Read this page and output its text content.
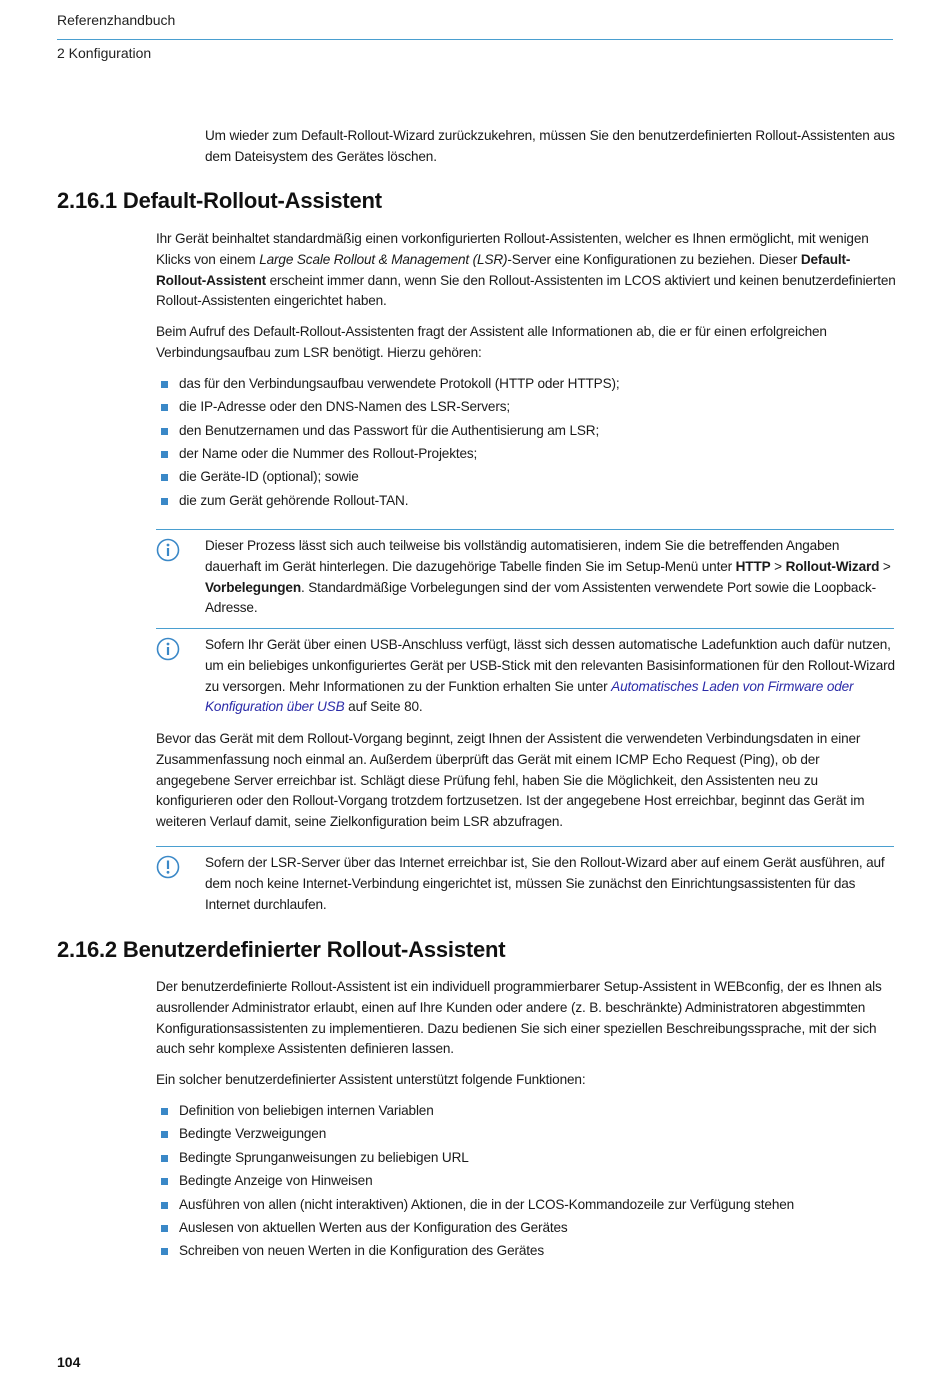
Referenzhandbuch
2 Konfiguration

Um wieder zum Default-Rollout-Wizard zurückzukehren, müssen Sie den benutzerdefinierten Rollout-Assistenten aus dem Dateisystem des Gerätes löschen.

2.16.1 Default-Rollout-Assistent

Ihr Gerät beinhaltet standardmäßig einen vorkonfigurierten Rollout-Assistenten, welcher es Ihnen ermöglicht, mit wenigen Klicks von einem Large Scale Rollout & Management (LSR)-Server eine Konfigurationen zu beziehen. Dieser Default-Rollout-Assistent erscheint immer dann, wenn Sie den Rollout-Assistenten im LCOS aktiviert und keinen benutzerdefinierten Rollout-Assistenten eingerichtet haben.

Beim Aufruf des Default-Rollout-Assistenten fragt der Assistent alle Informationen ab, die er für einen erfolgreichen Verbindungsaufbau zum LSR benötigt. Hierzu gehören:

das für den Verbindungsaufbau verwendete Protokoll (HTTP oder HTTPS);
die IP-Adresse oder den DNS-Namen des LSR-Servers;
den Benutzernamen und das Passwort für die Authentisierung am LSR;
der Name oder die Nummer des Rollout-Projektes;
die Geräte-ID (optional); sowie
die zum Gerät gehörende Rollout-TAN.

Dieser Prozess lässt sich auch teilweise bis vollständig automatisieren, indem Sie die betreffenden Angaben dauerhaft im Gerät hinterlegen. Die dazugehörige Tabelle finden Sie im Setup-Menü unter HTTP > Rollout-Wizard > Vorbelegungen. Standardmäßige Vorbelegungen sind der vom Assistenten verwendete Port sowie die Loopback-Adresse.

Sofern Ihr Gerät über einen USB-Anschluss verfügt, lässt sich dessen automatische Ladefunktion auch dafür nutzen, um ein beliebiges unkonfiguriertes Gerät per USB-Stick mit den relevanten Basisinformationen für den Rollout-Wizard zu versorgen. Mehr Informationen zu der Funktion erhalten Sie unter Automatisches Laden von Firmware oder Konfiguration über USB auf Seite 80.

Bevor das Gerät mit dem Rollout-Vorgang beginnt, zeigt Ihnen der Assistent die verwendeten Verbindungsdaten in einer Zusammenfassung noch einmal an. Außerdem überprüft das Gerät mit einem ICMP Echo Request (Ping), ob der angegebene Server erreichbar ist. Schlägt diese Prüfung fehl, haben Sie die Möglichkeit, den Assistenten neu zu konfigurieren oder den Rollout-Vorgang trotzdem fortzusetzen. Ist der angegebene Host erreichbar, beginnt das Gerät im weiteren Verlauf damit, seine Zielkonfiguration beim LSR abzufragen.

Sofern der LSR-Server über das Internet erreichbar ist, Sie den Rollout-Wizard aber auf einem Gerät ausführen, auf dem noch keine Internet-Verbindung eingerichtet ist, müssen Sie zunächst den Einrichtungsassistenten für das Internet durchlaufen.

2.16.2 Benutzerdefinierter Rollout-Assistent

Der benutzerdefinierte Rollout-Assistent ist ein individuell programmierbarer Setup-Assistent in WEBconfig, der es Ihnen als ausrollender Administrator erlaubt, einen auf Ihre Kunden oder andere (z. B. beschränkte) Administratoren abgestimmten Konfigurationsassistenten zu implementieren. Dazu bedienen Sie sich einer speziellen Beschreibungssprache, mit der sich auch sehr komplexe Assistenten definieren lassen.

Ein solcher benutzerdefinierter Assistent unterstützt folgende Funktionen:

Definition von beliebigen internen Variablen
Bedingte Verzweigungen
Bedingte Sprunganweisungen zu beliebigen URL
Bedingte Anzeige von Hinweisen
Ausführen von allen (nicht interaktiven) Aktionen, die in der LCOS-Kommandozeile zur Verfügung stehen
Auslesen von aktuellen Werten aus der Konfiguration des Gerätes
Schreiben von neuen Werten in die Konfiguration des Gerätes
104
